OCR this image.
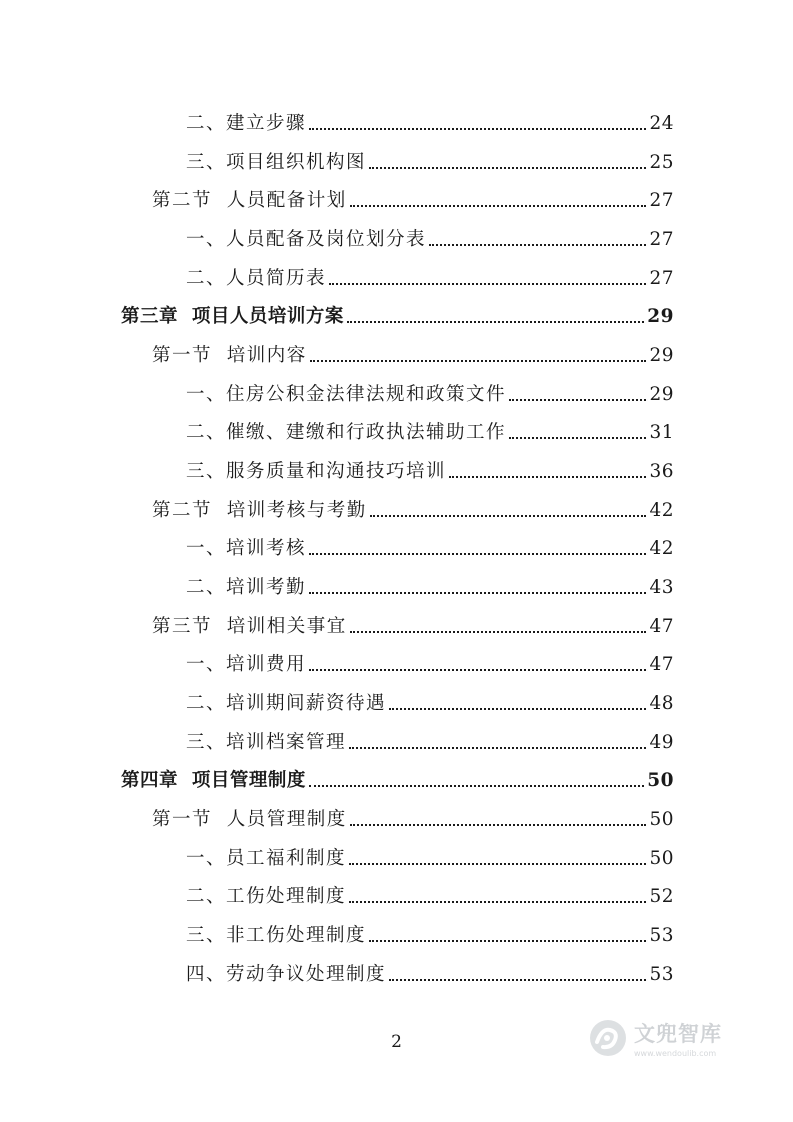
二、建立步骤	24
三、项目组织机构图	25
第二节  人员配备计划	27
一、人员配备及岗位划分表	27
二、人员简历表	27
第三章  项目人员培训方案	29
第一节  培训内容	29
一、住房公积金法律法规和政策文件	29
二、催缴、建缴和行政执法辅助工作	31
三、服务质量和沟通技巧培训	36
第二节  培训考核与考勤	42
一、培训考核	42
二、培训考勤	43
第三节  培训相关事宜	47
一、培训费用	47
二、培训期间薪资待遇	48
三、培训档案管理	49
第四章  项目管理制度	50
第一节  人员管理制度	50
一、员工福利制度	50
二、工伤处理制度	52
三、非工伤处理制度	53
四、劳动争议处理制度	53
2	文兜智库
www.wendoulib.com
